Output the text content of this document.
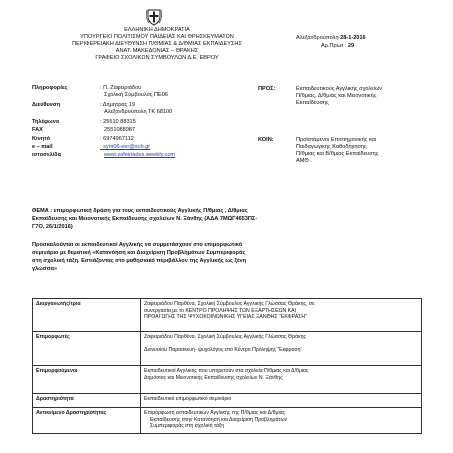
ΕΛΛΗΝΙΚΗ ΔΗΜΟΚΡΑΤΙΑ
ΥΠΟΥΡΓΕΙΟ ΠΟΛΙΤΙΣΜΟΥ ΠΑΙΔΕΙΑΣ ΚΑΙ ΘΡΗΣΚΕΥΜΑΤΩΝ
ΠΕΡΙΦΕΡΕΙΑΚΗ ΔΙΕΥΘΥΝΣΗ Π/ΘΜΙΑΣ & Δ/ΘΜΙΑΣ ΕΚΠΑΙΔΕΥΣΗΣ
ΑΝΑΤ. ΜΑΚΕΔΟΝΙΑΣ – ΘΡΑΚΗΣ
ΓΡΑΦΕΙΟ ΣΧΟΛΙΚΩΝ ΣΥΜΒΟΥΛΩΝ Δ.Ε. ΕΒΡΟΥ
Αλεξανδρούπολη 28-1-2016
Αρ.Πρωτ : 29
Πληροφορίες	: Π. Ζαφειριάδου
Σχολική Σύμβουλος ΠΕ06
Διεύθυνση	: Δήμητρας 19
Αλεξανδρούπολη ΤΚ 68100
Τηλέφωνο	: 25510 88315
FAX	2551088987
Κινητό	: 6974967112
e – mail	: sym06-evr@sch.gr
ιστοσελίδα	www.zafeiriades.weebly.com
ΠΡΟΣ:	Εκπαιδευτικούς Αγγλικής σχολείων
Π/θμιας, Δ/θμιας και Μειονοτικής
Εκπαίδευσης
ΚΟΙΝ:	Προϊστάμενοι Επιστημονικής και
Παιδαγωγικής Καθοδήγησης
Π/θμιας και Β/θμιας Εκπαίδευσης
ΑΜΘ
ΘΕΜΑ : επιμορφωτική δράση για τους εκπαιδευτικούς Αγγλικής Π/θμιας , Δ/θμιας
Εκπαίδευσης και Μειονοτικής Εκπαίδευσης σχολείων Ν. Ξάνθης (ΑΔΑ 7ΜΩΓ4653ΠΣ-
Γ7Ο, 26/1/2016)
Προσκαλούνται οι εκπαιδευτικοί Αγγλικής να συμμετάσχουν στο επιμορφωτικό
σεμινάριο με θεματική «Κατανόηση και Διαχείριση Προβλημάτων Συμπεριφοράς
στη σχολική τάξη. Εστιάζοντας στο μαθησιακό περιβάλλον της Αγγλικής ως ξένη
γλώσσα»
Διοργανωτής/τρια	Ζαφειριάδου Παρθένα, Σχολική Σύμβουλος Αγγλικής Γλώσσας Θράκης, σε
συνεργασία με το ΚΕΝΤΡΟ ΠΡΟΛΗΨΗΣ ΤΩΝ ΕΞΑΡΤΗΣΕΩΝ ΚΑΙ
ΠΡΟΑΓΩΓΗΣ ΤΗΣ ΨΥΧΟΚΟΙΝΩΝΙΚΗΣ ΥΓΕΙΑΣ ΞΑΝΘΗΣ "ΕΚΦΡΑΣΗ"

Επιμορφωτές	Ζαφειριάδου Παρθένα, Σχολική Σύμβουλος Αγγλικής Γλώσσας Θράκης

Διονυσίου Παρασκευή- ψυχολόγος στο Κέντρο Πρόληψης 'Έκφραση'

Επιμορφούμενοι	Εκπαιδευτικοί Αγγλικής που υπηρετούν στα σχολεία Π/θμιας και Δ/θμιας
Δημόσιας και Μειονοτικής Εκπαίδευσης σχολείων Ν. Ξάνθης

Δραστηριότητα	Εκπαιδευτικό επιμορφωτικό σεμινάριο

Αντικείμενο Δραστηριότητας	Επιμόρφωση εκπαιδευτικών Αγγλικής της Π/θμιας και Δ/θμιας
Εκπαίδευσης στην Κατανόηση και Διαχείριση Προβλημάτων
Συμπεριφοράς στη σχολική τάξη
